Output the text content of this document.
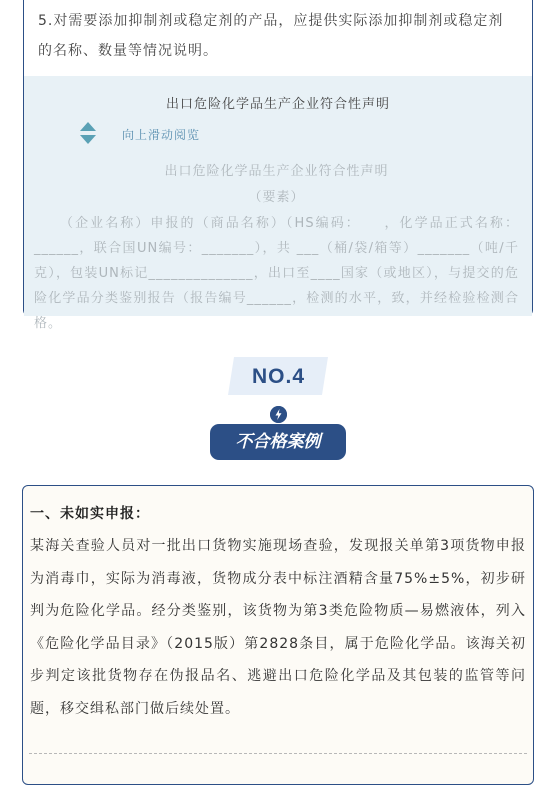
5.对需要添加抑制剂或稳定剂的产品，应提供实际添加抑制剂或稳定剂的名称、数量等情况说明。
出口危险化学品生产企业符合性声明
向上滑动阅览
出口危险化学品生产企业符合性声明
（要素）
（企业名称）申报的（商品名称）（HS编码：　　，化学品正式名称：______，联合国UN编号：_______），共 ___（桶/袋/箱等）_______（吨/千克），包装UN标记______________，出口至____国家（或地区），与提交的危险化学品分类鉴别报告（报告编号______，检测的水平，致，并经检验检测合格。
NO.4
不合格案例
一、未如实申报：
某海关查验人员对一批出口货物实施现场查验，发现报关单第3项货物申报为消毒巾，实际为消毒液，货物成分表中标注酒精含量75%±5%，初步研判为危险化学品。经分类鉴别，该货物为第3类危险物质—易燃液体，列入《危险化学品目录》（2015版）第2828条目，属于危险化学品。该海关初步判定该批货物存在伪报品名、逃避出口危险化学品及其包装的监管等问题，移交缉私部门做后续处置。
